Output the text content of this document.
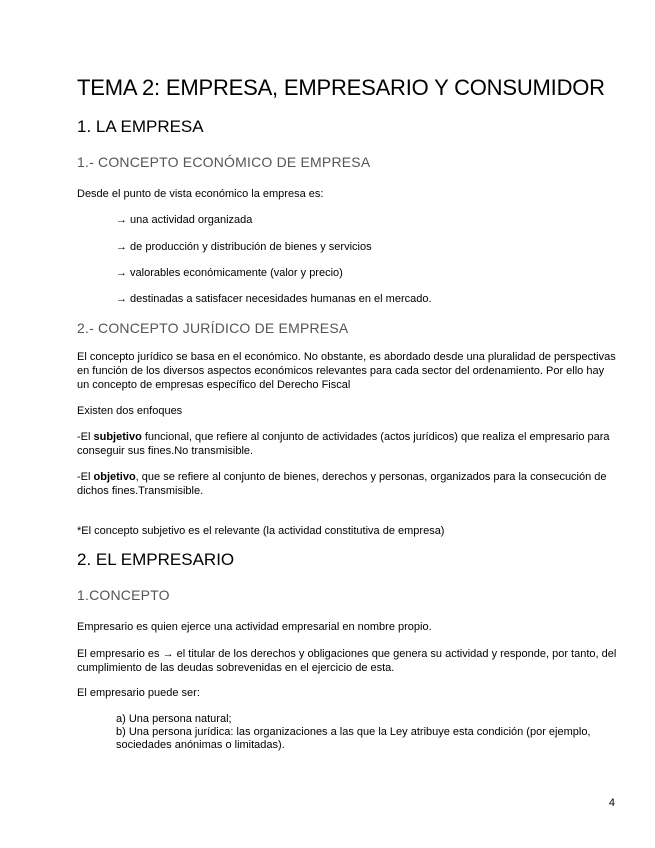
TEMA 2: EMPRESA, EMPRESARIO Y CONSUMIDOR
1. LA EMPRESA
1.- CONCEPTO ECONÓMICO DE EMPRESA

Desde el punto de vista económico la empresa es:

→ una actividad organizada
→ de producción y distribución de bienes y servicios
→ valorables económicamente (valor y precio)
→ destinadas a satisfacer necesidades humanas en el mercado.
2.- CONCEPTO JURÍDICO DE EMPRESA

El concepto jurídico se basa en el económico. No obstante, es abordado desde una pluralidad de perspectivas en función de los diversos aspectos económicos relevantes para cada sector del ordenamiento. Por ello hay un concepto de empresas específico del Derecho Fiscal

Existen dos enfoques

-El subjetivo funcional, que refiere al conjunto de actividades (actos jurídicos) que realiza el empresario para conseguir sus fines.No transmisible.

-El objetivo, que se refiere al conjunto de bienes, derechos y personas, organizados para la consecución de dichos fines.Transmisible.

*El concepto subjetivo es el relevante (la actividad constitutiva de empresa)

2. EL EMPRESARIO
1.CONCEPTO

Empresario es quien ejerce una actividad empresarial en nombre propio.

El empresario es → el titular de los derechos y obligaciones que genera su actividad y responde, por tanto, del cumplimiento de las deudas sobrevenidas en el ejercicio de esta.

El empresario puede ser:

a) Una persona natural;

b) Una persona jurídica: las organizaciones a las que la Ley atribuye esta condición (por ejemplo, sociedades anónimas o limitadas).

4
